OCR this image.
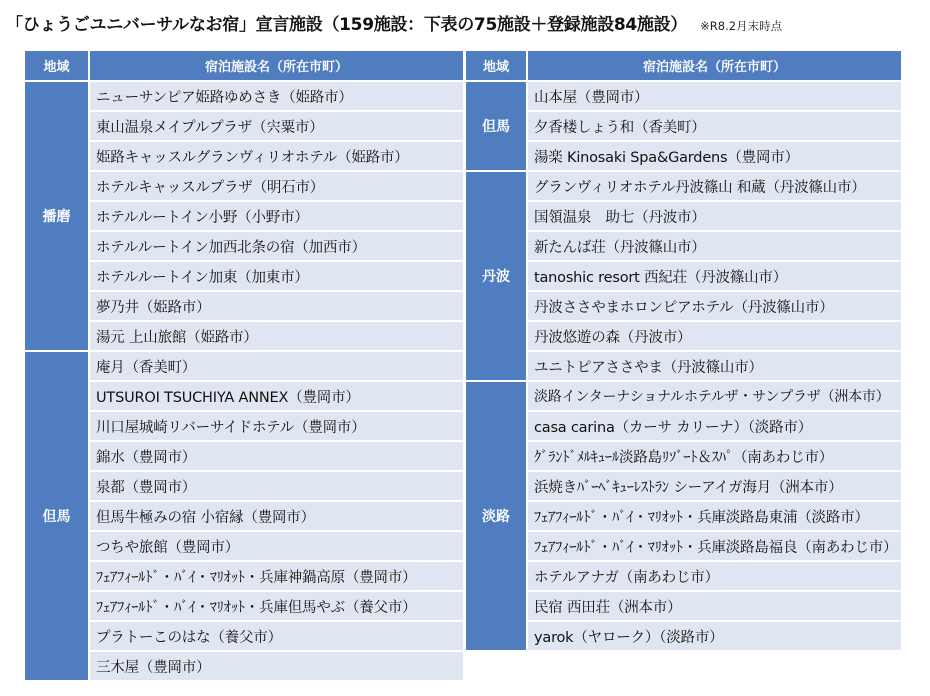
「ひょうごユニバーサルなお宿」宣言施設（159施設：下表の75施設＋登録施設84施設） ※R8.2月末時点
地域	宿泊施設名（所在市町）
播磨	ニューサンピア姫路ゆめさき（姫路市）
	東山温泉メイプルプラザ（宍粟市）
	姫路キャッスルグランヴィリオホテル（姫路市）
	ホテルキャッスルプラザ（明石市）
	ホテルルートイン小野（小野市）
	ホテルルートイン加西北条の宿（加西市）
	ホテルルートイン加東（加東市）
	夢乃井（姫路市）
	湯元 上山旅館（姫路市）
但馬	庵月（香美町）
	UTSUROI TSUCHIYA ANNEX（豊岡市）
	川口屋城崎リバーサイドホテル（豊岡市）
	錦水（豊岡市）
	泉都（豊岡市）
	但馬牛極みの宿 小宿縁（豊岡市）
	つちや旅館（豊岡市）
	ﾌｪｱﾌｨｰﾙﾄﾞ・ﾊﾞｲ・ﾏﾘｵｯﾄ・兵庫神鍋高原（豊岡市）
	ﾌｪｱﾌｨｰﾙﾄﾞ・ﾊﾞｲ・ﾏﾘｵｯﾄ・兵庫但馬やぶ（養父市）
	プラトーこのはな（養父市）
	三木屋（豊岡市）
地域	宿泊施設名（所在市町）
但馬	山本屋（豊岡市）
	夕香楼しょう和（香美町）
	湯楽 Kinosaki Spa&Gardens（豊岡市）
丹波	グランヴィリオホテル丹波篠山 和蔵（丹波篠山市）
	国領温泉　助七（丹波市）
	新たんば荘（丹波篠山市）
	tanoshic resort 西紀荘（丹波篠山市）
	丹波ささやまホロンピアホテル（丹波篠山市）
	丹波悠遊の森（丹波市）
	ユニトピアささやま（丹波篠山市）
淡路	淡路インターナショナルホテルザ・サンプラザ（洲本市）
	casa carina（カーサ カリーナ）（淡路市）
	ｸﾞﾗﾝﾄﾞﾒﾙｷｭｰﾙ淡路島ﾘｿﾞｰﾄ＆ｽﾊﾟ（南あわじ市）
	浜焼きﾊﾞｰﾍﾞｷｭｰﾚｽﾄﾗﾝ シーアイガ海月（洲本市）
	ﾌｪｱﾌｨｰﾙﾄﾞ・ﾊﾞｲ・ﾏﾘｵｯﾄ・兵庫淡路島東浦（淡路市）
	ﾌｪｱﾌｨｰﾙﾄﾞ・ﾊﾞｲ・ﾏﾘｵｯﾄ・兵庫淡路島福良（南あわじ市）
	ホテルアナガ（南あわじ市）
	民宿 西田荘（洲本市）
	yarok（ヤローク）（淡路市）
